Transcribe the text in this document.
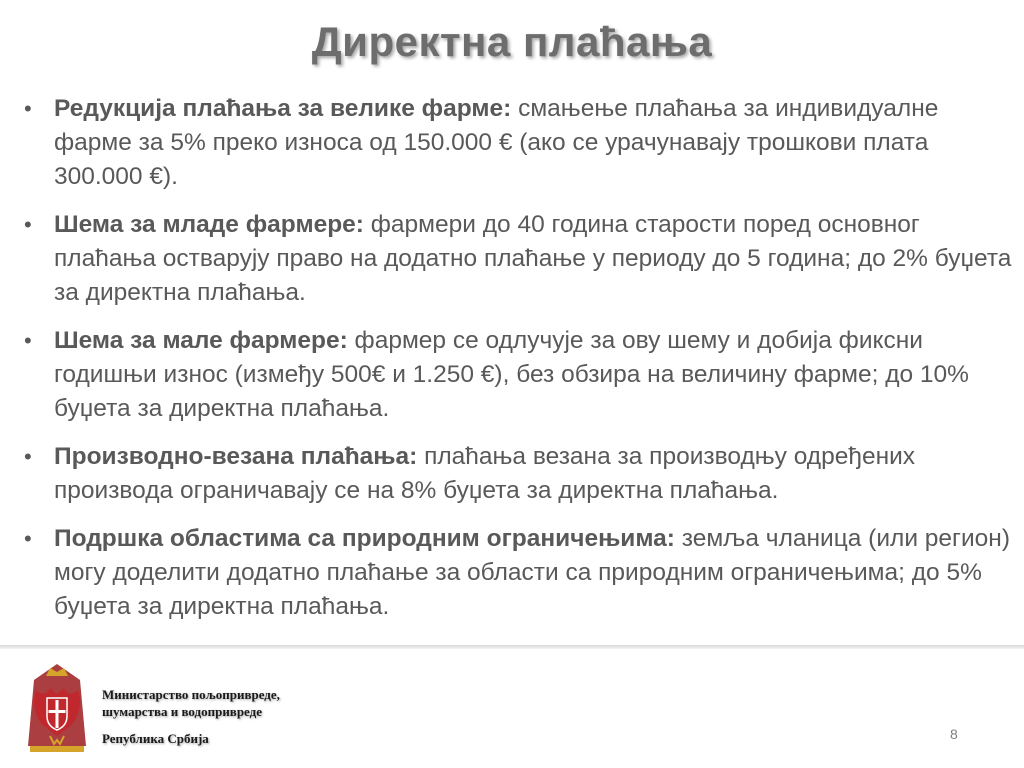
Директна плаћања
• Редукција плаћања за велике фарме: смањење плаћања за индивидуалне фарме за 5% преко износа од 150.000 € (ако се урачунавају трошкови плата 300.000 €).
• Шема за младе фармере: фармери до 40 година старости поред основног плаћања остварују право на додатно плаћање у периоду до 5 година; до 2% буџета за директна плаћања.
• Шема за мале фармере: фармер се одлучује за ову шему и добија фиксни годишњи износ (између 500€ и 1.250 €), без обзира на величину фарме; до 10% буџета за директна плаћања.
• Производно-везана плаћања: плаћања везана за производњу одређених производа ограничавају се на 8% буџета за директна плаћања.
• Подршка областима са природним ограничењима: земља чланица (или регион) могу доделити додатно плаћање за области са природним ограничењима; до 5% буџета за директна плаћања.
Министарство пољопривреде,
шумарства и водопривреде
Република Србија	8
